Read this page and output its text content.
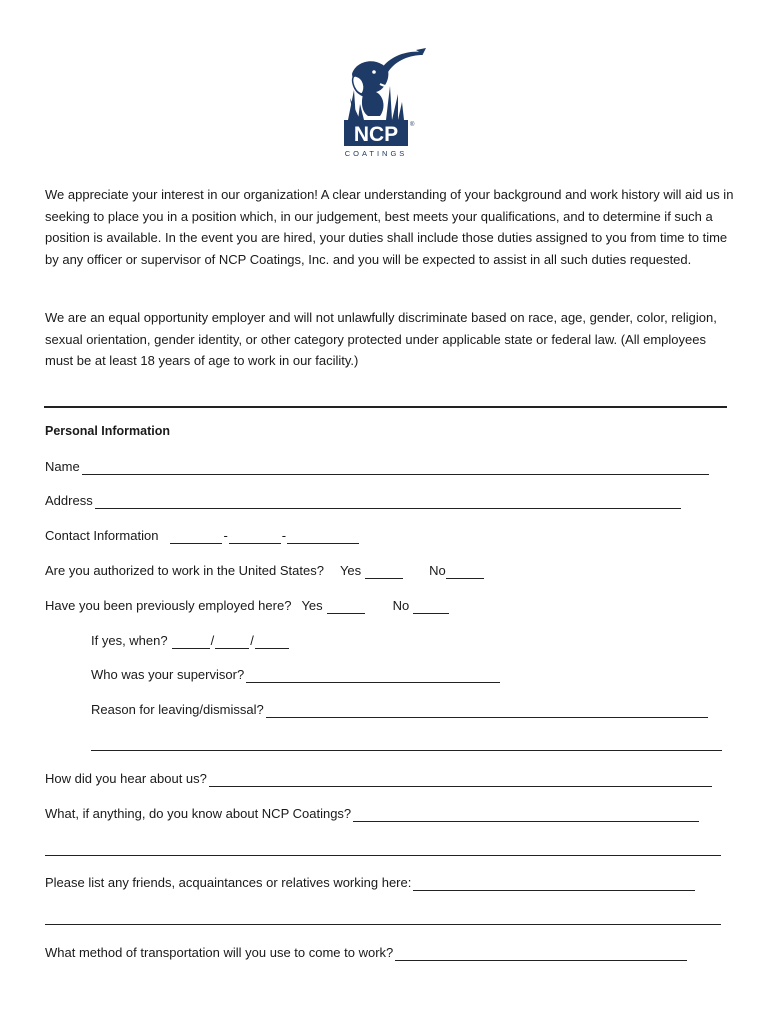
NCP ®
COATINGS

We appreciate your interest in our organization! A clear understanding of your background and work history will aid us in seeking to place you in a position which, in our judgement, best meets your qualifications, and to determine if such a position is available. In the event you are hired, your duties shall include those duties assigned to you from time to time by any officer or supervisor of NCP Coatings, Inc. and you will be expected to assist in all such duties requested.

We are an equal opportunity employer and will not unlawfully discriminate based on race, age, gender, color, religion, sexual orientation, gender identity, or other category protected under applicable state or federal law. (All employees must be at least 18 years of age to work in our facility.)

Personal Information
Name
Address
Contact Information	-	-
Are you authorized to work in the United States? Yes	No
Have you been previously employed here? Yes	No
If yes, when?	/	/
Who was your supervisor?
Reason for leaving/dismissal?
How did you hear about us?
What, if anything, do you know about NCP Coatings?
Please list any friends, acquaintances or relatives working here:
What method of transportation will you use to come to work?
